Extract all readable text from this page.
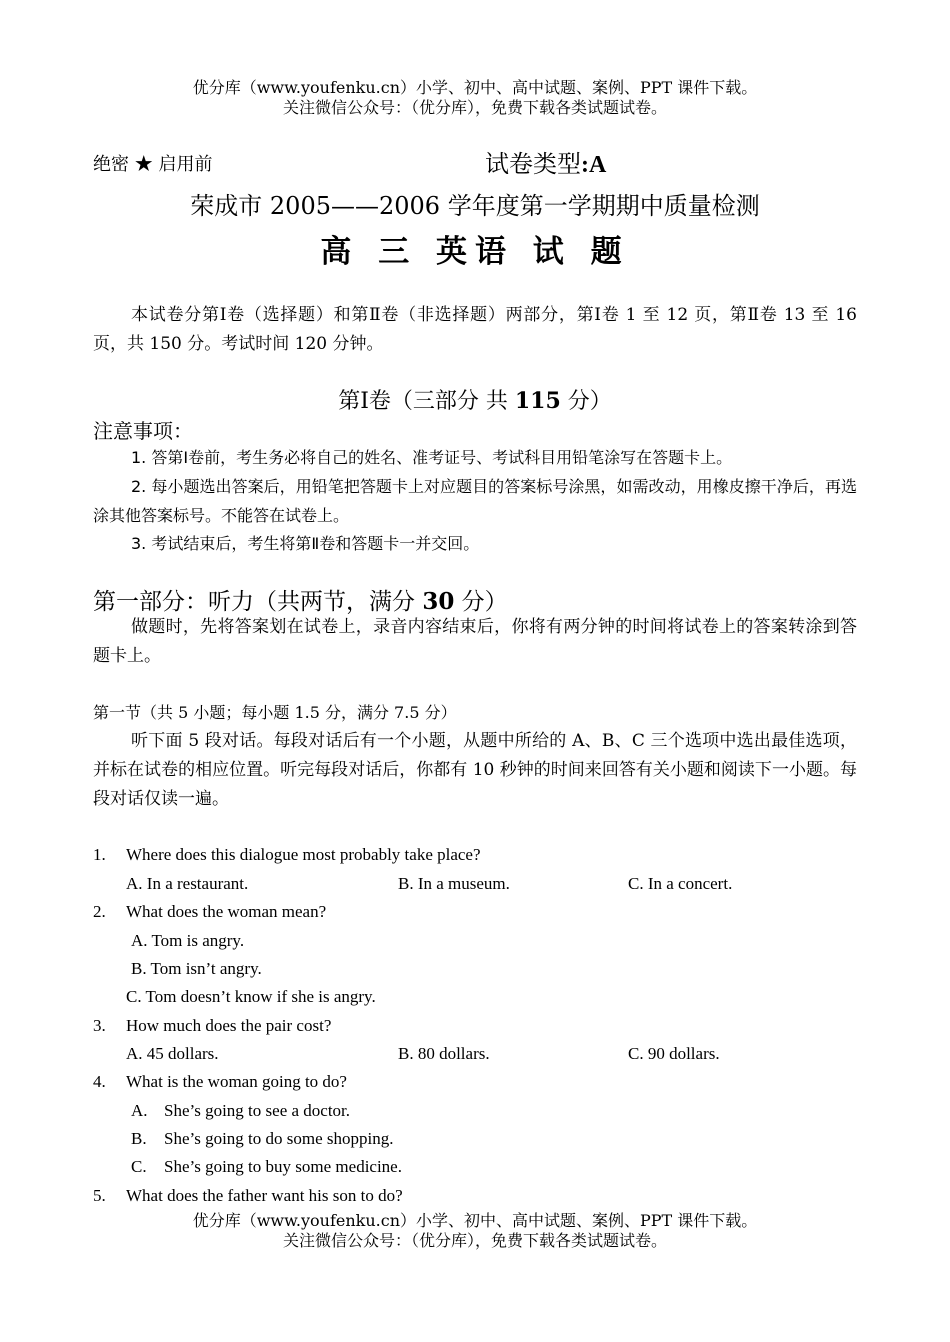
优分库（www.youfenku.cn）小学、初中、高中试题、案例、PPT 课件下载。
关注微信公众号：（优分库），免费下载各类试题试卷。
绝密 ★ 启用前	试卷类型:A
荣成市 2005——2006 学年度第一学期期中质量检测
高 三 英语 试 题
本试卷分第Ⅰ卷（选择题）和第Ⅱ卷（非选择题）两部分，第Ⅰ卷 1 至 12 页，第Ⅱ卷 13 至 16 页，共 150 分。考试时间 120 分钟。
第Ⅰ卷（三部分 共 115 分）
注意事项：
1. 答第Ⅰ卷前，考生务必将自己的姓名、准考证号、考试科目用铅笔涂写在答题卡上。
2. 每小题选出答案后，用铅笔把答题卡上对应题目的答案标号涂黑，如需改动，用橡皮擦干净后，再选涂其他答案标号。不能答在试卷上。
3. 考试结束后，考生将第Ⅱ卷和答题卡一并交回。
第一部分：听力（共两节，满分 30 分）
做题时，先将答案划在试卷上，录音内容结束后，你将有两分钟的时间将试卷上的答案转涂到答题卡上。
第一节（共 5 小题；每小题 1.5 分，满分 7.5 分）
听下面 5 段对话。每段对话后有一个小题，从题中所给的 A、B、C 三个选项中选出最佳选项，并标在试卷的相应位置。听完每段对话后，你都有 10 秒钟的时间来回答有关小题和阅读下一小题。每段对话仅读一遍。
1. Where does this dialogue most probably take place?
A. In a restaurant.	B. In a museum.	C. In a concert.
2. What does the woman mean?
A. Tom is angry.
B. Tom isn’t angry.
C. Tom doesn’t know if she is angry.
3. How much does the pair cost?
A. 45 dollars.	B. 80 dollars.	C. 90 dollars.
4. What is the woman going to do?
A. She’s going to see a doctor.
B. She’s going to do some shopping.
C. She’s going to buy some medicine.
5. What does the father want his son to do?
优分库（www.youfenku.cn）小学、初中、高中试题、案例、PPT 课件下载。
关注微信公众号：（优分库），免费下载各类试题试卷。
